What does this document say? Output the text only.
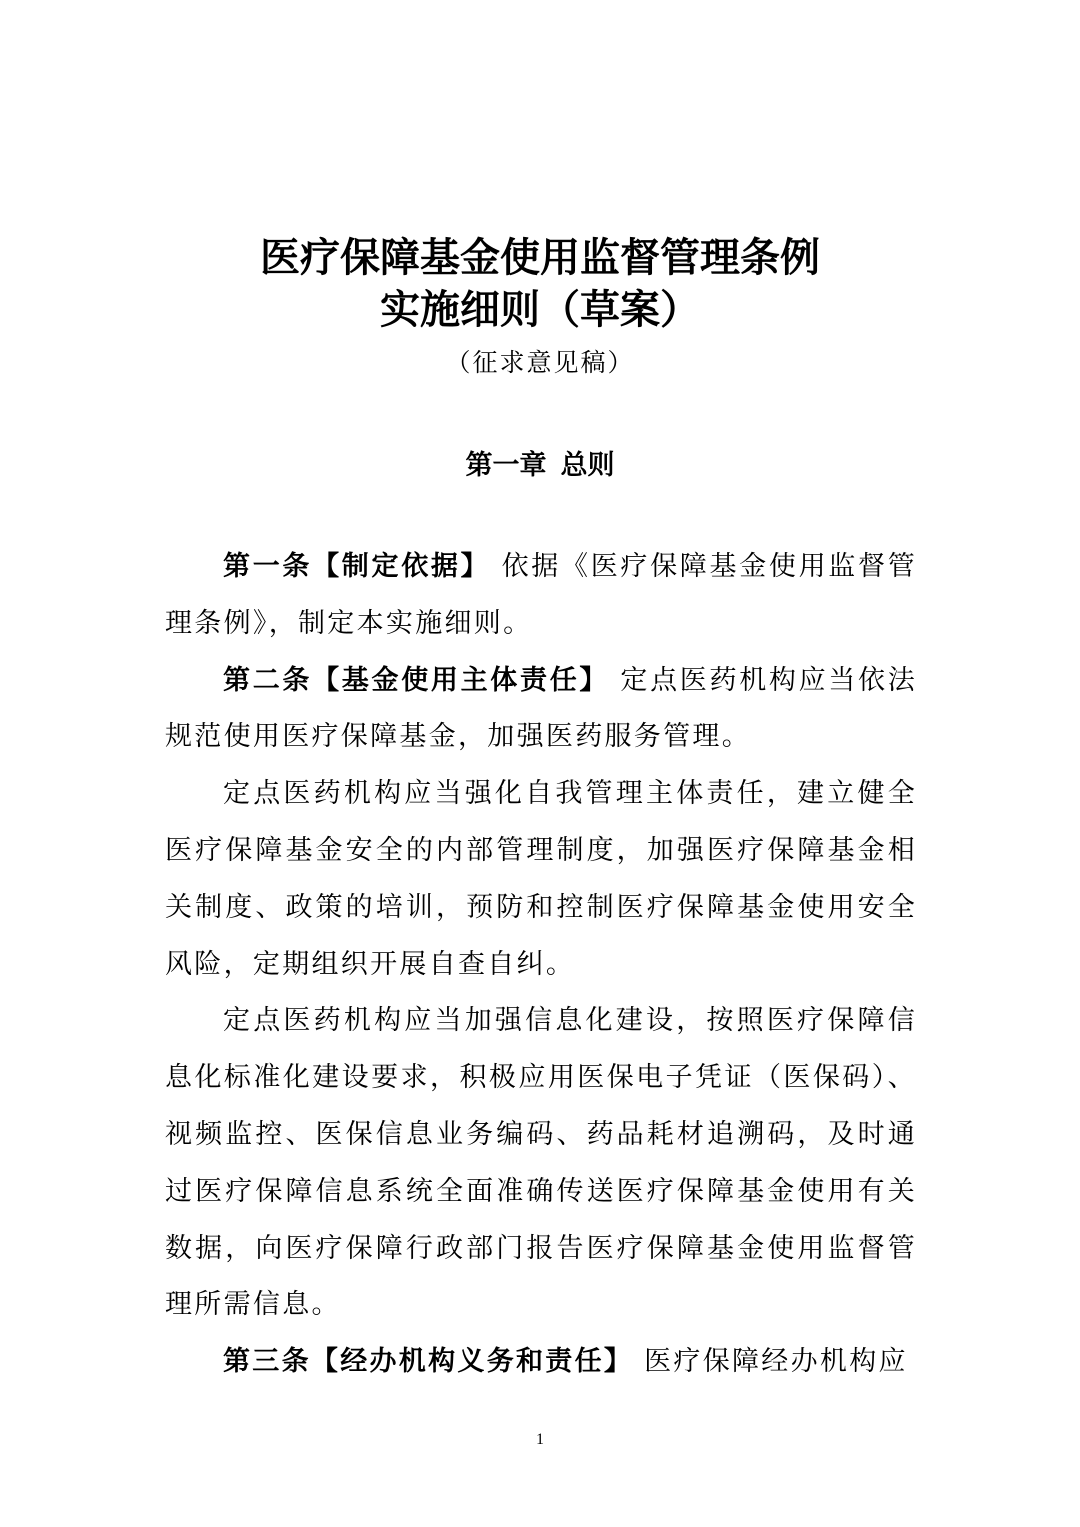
医疗保障基金使用监督管理条例
实施细则（草案）
（征求意见稿）
第一章 总则

第一条【制定依据】 依据《医疗保障基金使用监督管理条例》，制定本实施细则。

第二条【基金使用主体责任】 定点医药机构应当依法规范使用医疗保障基金，加强医药服务管理。

定点医药机构应当强化自我管理主体责任，建立健全医疗保障基金安全的内部管理制度，加强医疗保障基金相关制度、政策的培训，预防和控制医疗保障基金使用安全风险，定期组织开展自查自纠。

定点医药机构应当加强信息化建设，按照医疗保障信息化标准化建设要求，积极应用医保电子凭证（医保码）、视频监控、医保信息业务编码、药品耗材追溯码，及时通过医疗保障信息系统全面准确传送医疗保障基金使用有关数据，向医疗保障行政部门报告医疗保障基金使用监督管理所需信息。

第三条【经办机构义务和责任】 医疗保障经办机构应

1
